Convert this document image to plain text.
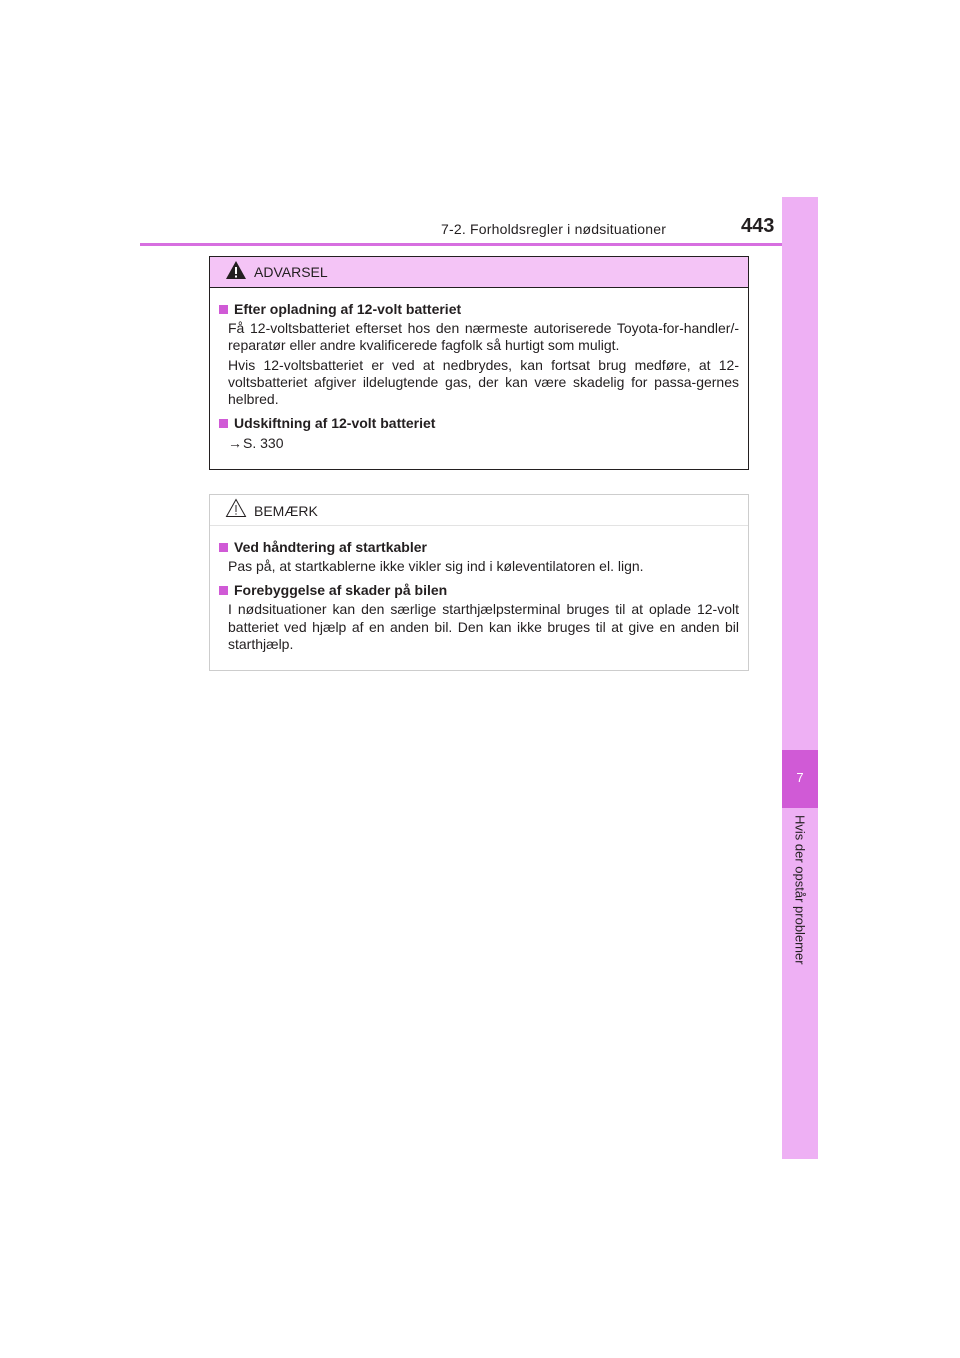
7-2. Forholdsregler i nødsituationer	443
7
Hvis der opstår problemer
ADVARSEL
Efter opladning af 12-volt batteriet
Få 12-voltsbatteriet efterset hos den nærmeste autoriserede Toyota-for-handler/-reparatør eller andre kvalificerede fagfolk så hurtigt som muligt.
Hvis 12-voltsbatteriet er ved at nedbrydes, kan fortsat brug medføre, at 12-voltsbatteriet afgiver ildelugtende gas, der kan være skadelig for passa-gernes helbred.
Udskiftning af 12-volt batteriet
→ S. 330
BEMÆRK
Ved håndtering af startkabler
Pas på, at startkablerne ikke vikler sig ind i køleventilatoren el. lign.
Forebyggelse af skader på bilen
I nødsituationer kan den særlige starthjælpsterminal bruges til at oplade 12-volt batteriet ved hjælp af en anden bil. Den kan ikke bruges til at give en anden bil starthjælp.
